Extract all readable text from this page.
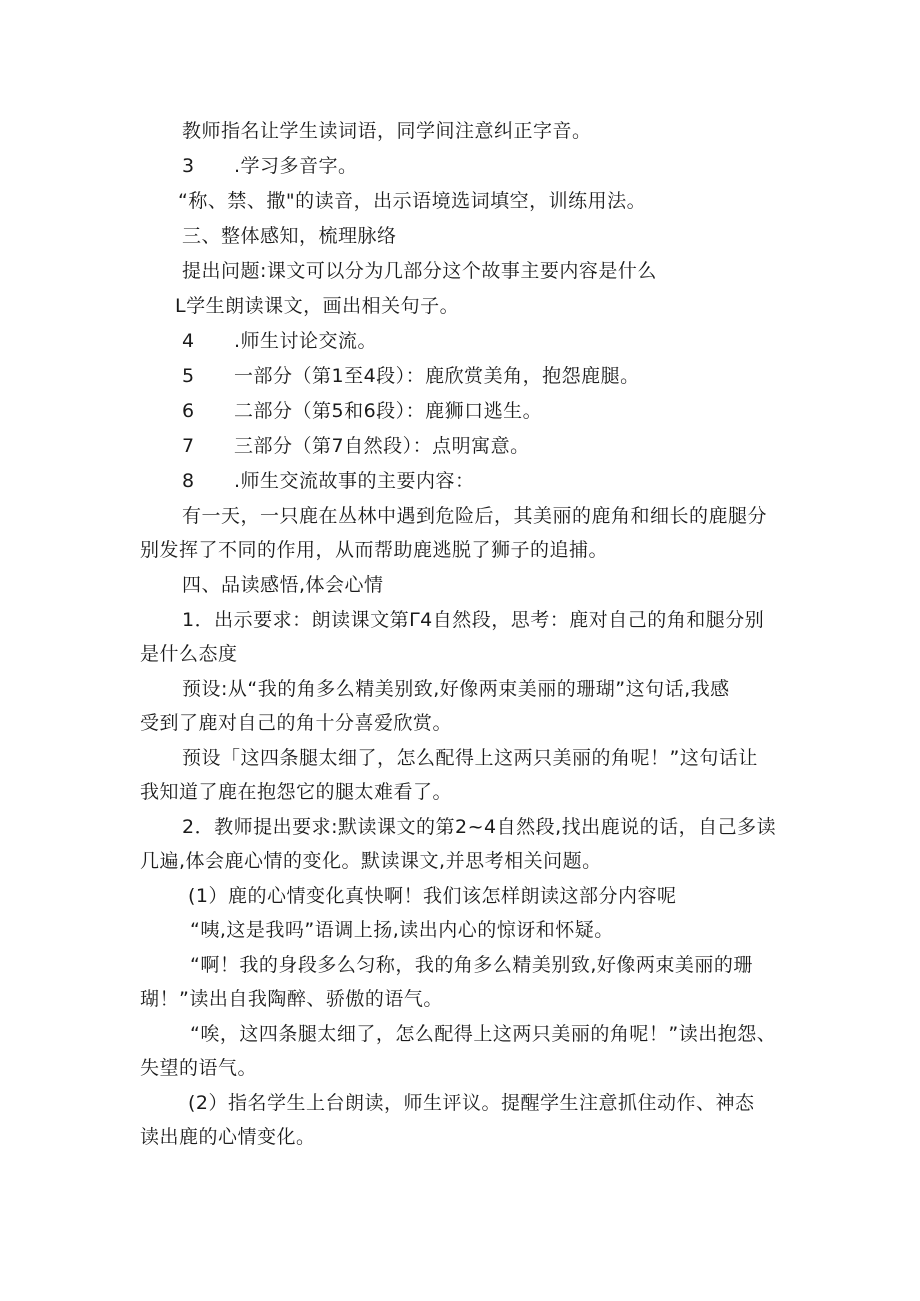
教师指名让学生读词语，同学间注意纠正字音。
3 .学习多音字。
“称、禁、撒"的读音，出示语境选词填空，训练用法。
三、整体感知，梳理脉络
提出问题:课文可以分为几部分这个故事主要内容是什么
L学生朗读课文，画出相关句子。
4 .师生讨论交流。
5 一部分（第1至4段）：鹿欣赏美角，抱怨鹿腿。
6 二部分（第5和6段）：鹿狮口逃生。
7 三部分（第7自然段）：点明寓意。
8 .师生交流故事的主要内容：
有一天，一只鹿在丛林中遇到危险后，其美丽的鹿角和细长的鹿腿分
别发挥了不同的作用，从而帮助鹿逃脱了狮子的追捕。
四、品读感悟,体会心情
1．出示要求：朗读课文第Γ4自然段，思考：鹿对自己的角和腿分别
是什么态度
预设:从“我的角多么精美别致,好像两束美丽的珊瑚”这句话,我感
受到了鹿对自己的角十分喜爱欣赏。
预设「这四条腿太细了，怎么配得上这两只美丽的角呢！”这句话让
我知道了鹿在抱怨它的腿太难看了。
2．教师提出要求:默读课文的第2~4自然段,找出鹿说的话，自己多读
几遍,体会鹿心情的变化。默读课文,并思考相关问题。
(1）鹿的心情变化真快啊！我们该怎样朗读这部分内容呢
“咦,这是我吗”语调上扬,读出内心的惊讶和怀疑。
“啊！我的身段多么匀称，我的角多么精美别致,好像两束美丽的珊
瑚！”读出自我陶醉、骄傲的语气。
“唉，这四条腿太细了，怎么配得上这两只美丽的角呢！”读出抱怨、
失望的语气。
(2）指名学生上台朗读，师生评议。提醒学生注意抓住动作、神态
读出鹿的心情变化。
